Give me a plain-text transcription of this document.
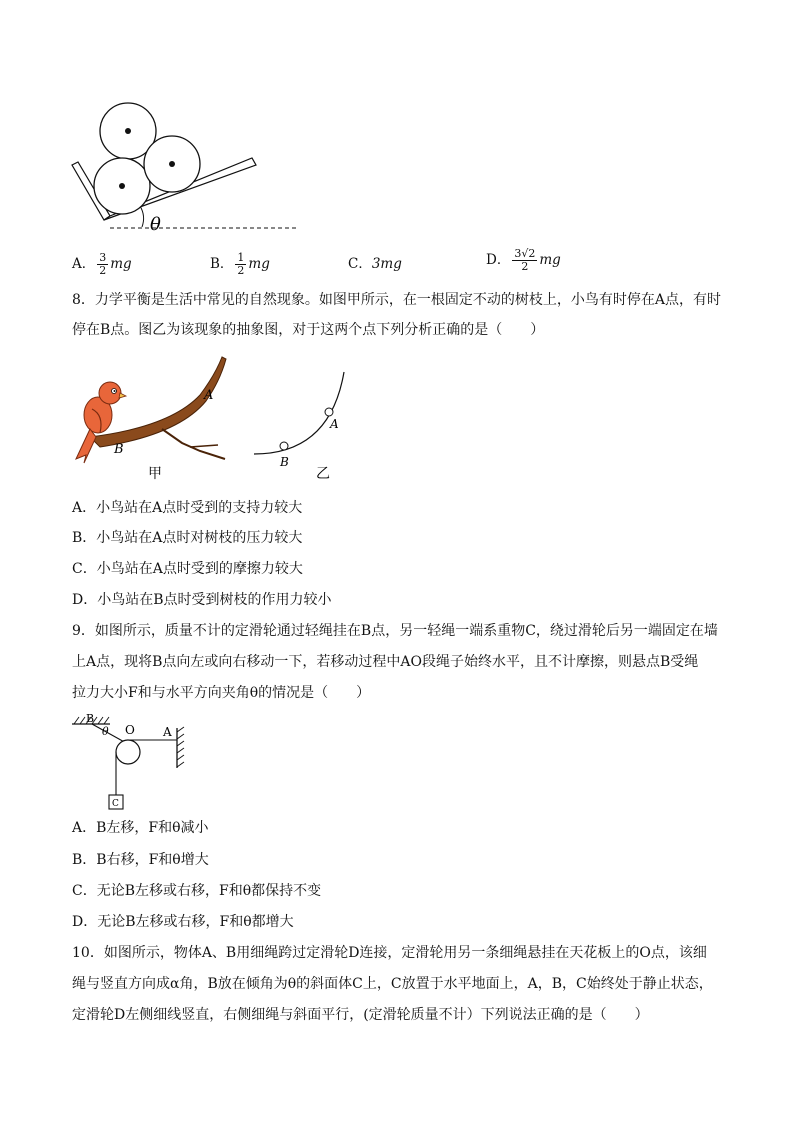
θ
A． $\frac{3}{2}$ mg	B． $\frac{1}{2}$ mg	C．3mg	D． $\frac{3√2}{2}$ mg
8．力学平衡是生活中常见的自然现象。如图甲所示，在一根固定不动的树枝上，小鸟有时停在A点，有时
停在B点。图乙为该现象的抽象图，对于这两个点下列分析正确的是（　　）
A
B
甲
A
B
乙
A．小鸟站在A点时受到的支持力较大
B．小鸟站在A点时对树枝的压力较大
C．小鸟站在A点时受到的摩擦力较大
D．小鸟站在B点时受到树枝的作用力较小
9．如图所示，质量不计的定滑轮通过轻绳挂在B点，另一轻绳一端系重物C，绕过滑轮后另一端固定在墙
上A点，现将B点向左或向右移动一下，若移动过程中AO段绳子始终水平，且不计摩擦，则悬点B受绳
拉力大小F和与水平方向夹角θ的情况是（　　）
B
θ O A
C
A．B左移，F和θ减小
B．B右移，F和θ增大
C．无论B左移或右移，F和θ都保持不变
D．无论B左移或右移，F和θ都增大
10．如图所示，物体A、B用细绳跨过定滑轮D连接，定滑轮用另一条细绳悬挂在天花板上的O点，该细
绳与竖直方向成α角，B放在倾角为θ的斜面体C上，C放置于水平地面上，A，B，C始终处于静止状态，
定滑轮D左侧细线竖直，右侧细绳与斜面平行，(定滑轮质量不计）下列说法正确的是（　　）
